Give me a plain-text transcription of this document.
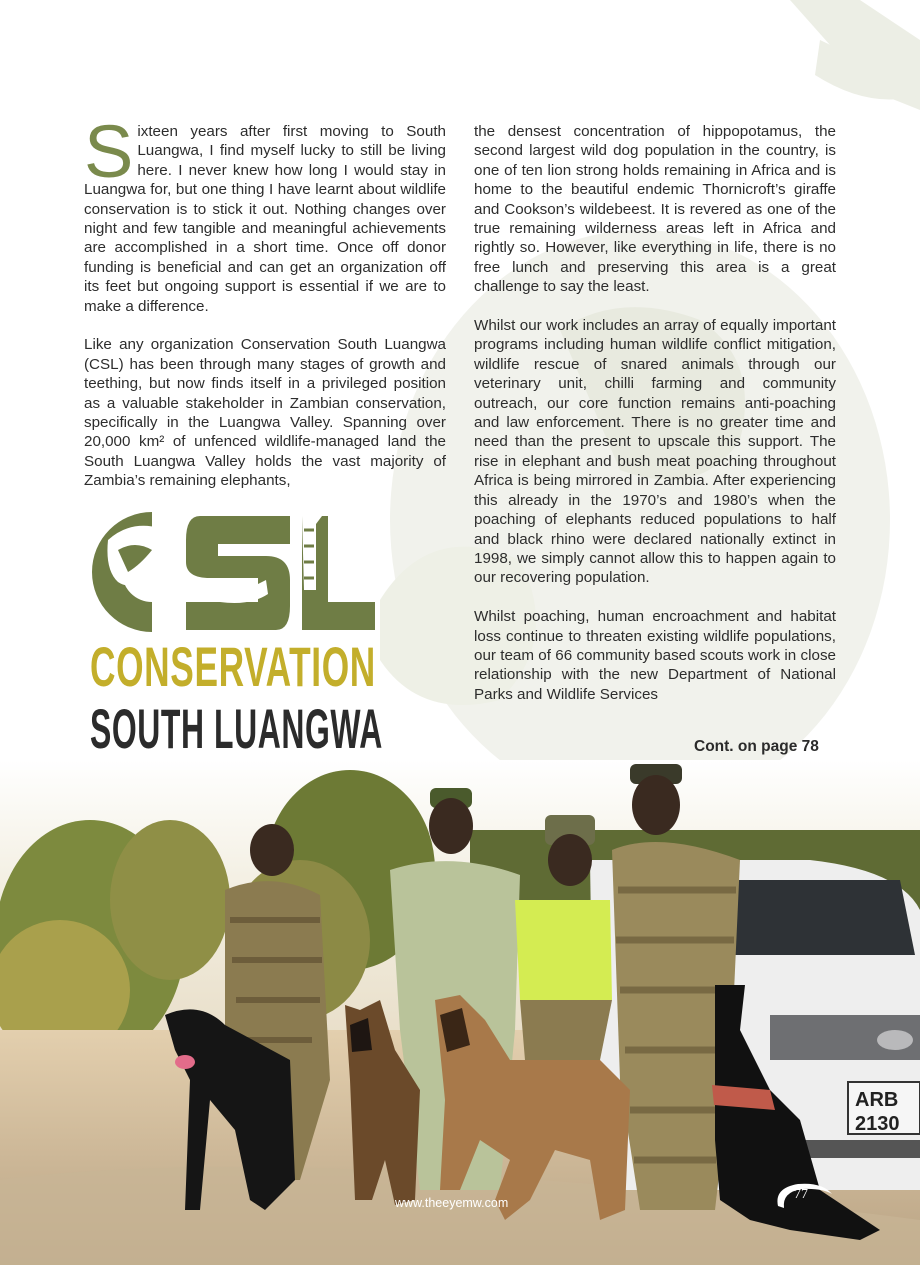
Sixteen years after first moving to South Luangwa, I find myself lucky to still be living here. I never knew how long I would stay in Luangwa for, but one thing I have learnt about wildlife conservation is to stick it out. Nothing changes over night and few tangible and meaningful achievements are accomplished in a short time. Once off donor funding is beneficial and can get an organization off its feet but ongoing support is essential if we are to make a difference.

Like any organization Conservation South Luangwa (CSL) has been through many stages of growth and teething, but now finds itself in a privileged position as a valuable stakeholder in Zambian conservation, specifically in the Luangwa Valley. Spanning over 20,000 km² of unfenced wildlife-managed land the South Luangwa Valley holds the vast majority of Zambia’s remaining elephants,

the densest concentration of hippopotamus, the second largest wild dog population in the country, is one of ten lion strong holds remaining in Africa and is home to the beautiful endemic Thornicroft’s giraffe and Cookson’s wildebeest. It is revered as one of the true remaining wilderness areas left in Africa and rightly so. However, like everything in life, there is no free lunch and preserving this area is a great challenge to say the least.

Whilst our work includes an array of equally important programs including human wildlife conflict mitigation, wildlife rescue of snared animals through our veterinary unit, chilli farming and community outreach, our core function remains anti-poaching and law enforcement. There is no greater time and need than the present to upscale this support. The rise in elephant and bush meat poaching throughout Africa is being mirrored in Zambia. After experiencing this already in the 1970’s and 1980’s when the poaching of elephants reduced populations to half and black rhino were declared nationally extinct in 1998, we simply cannot allow this to happen again to our recovering population.

Whilst poaching, human encroachment and habitat loss continue to threaten existing wildlife populations, our team of 66 community based scouts work in close relationship with the new Department of National Parks and Wildlife Services

Cont. on page 78
CONSERVATION
SOUTH LUANGWA
ARB
2130
www.theeyemw.com
77
